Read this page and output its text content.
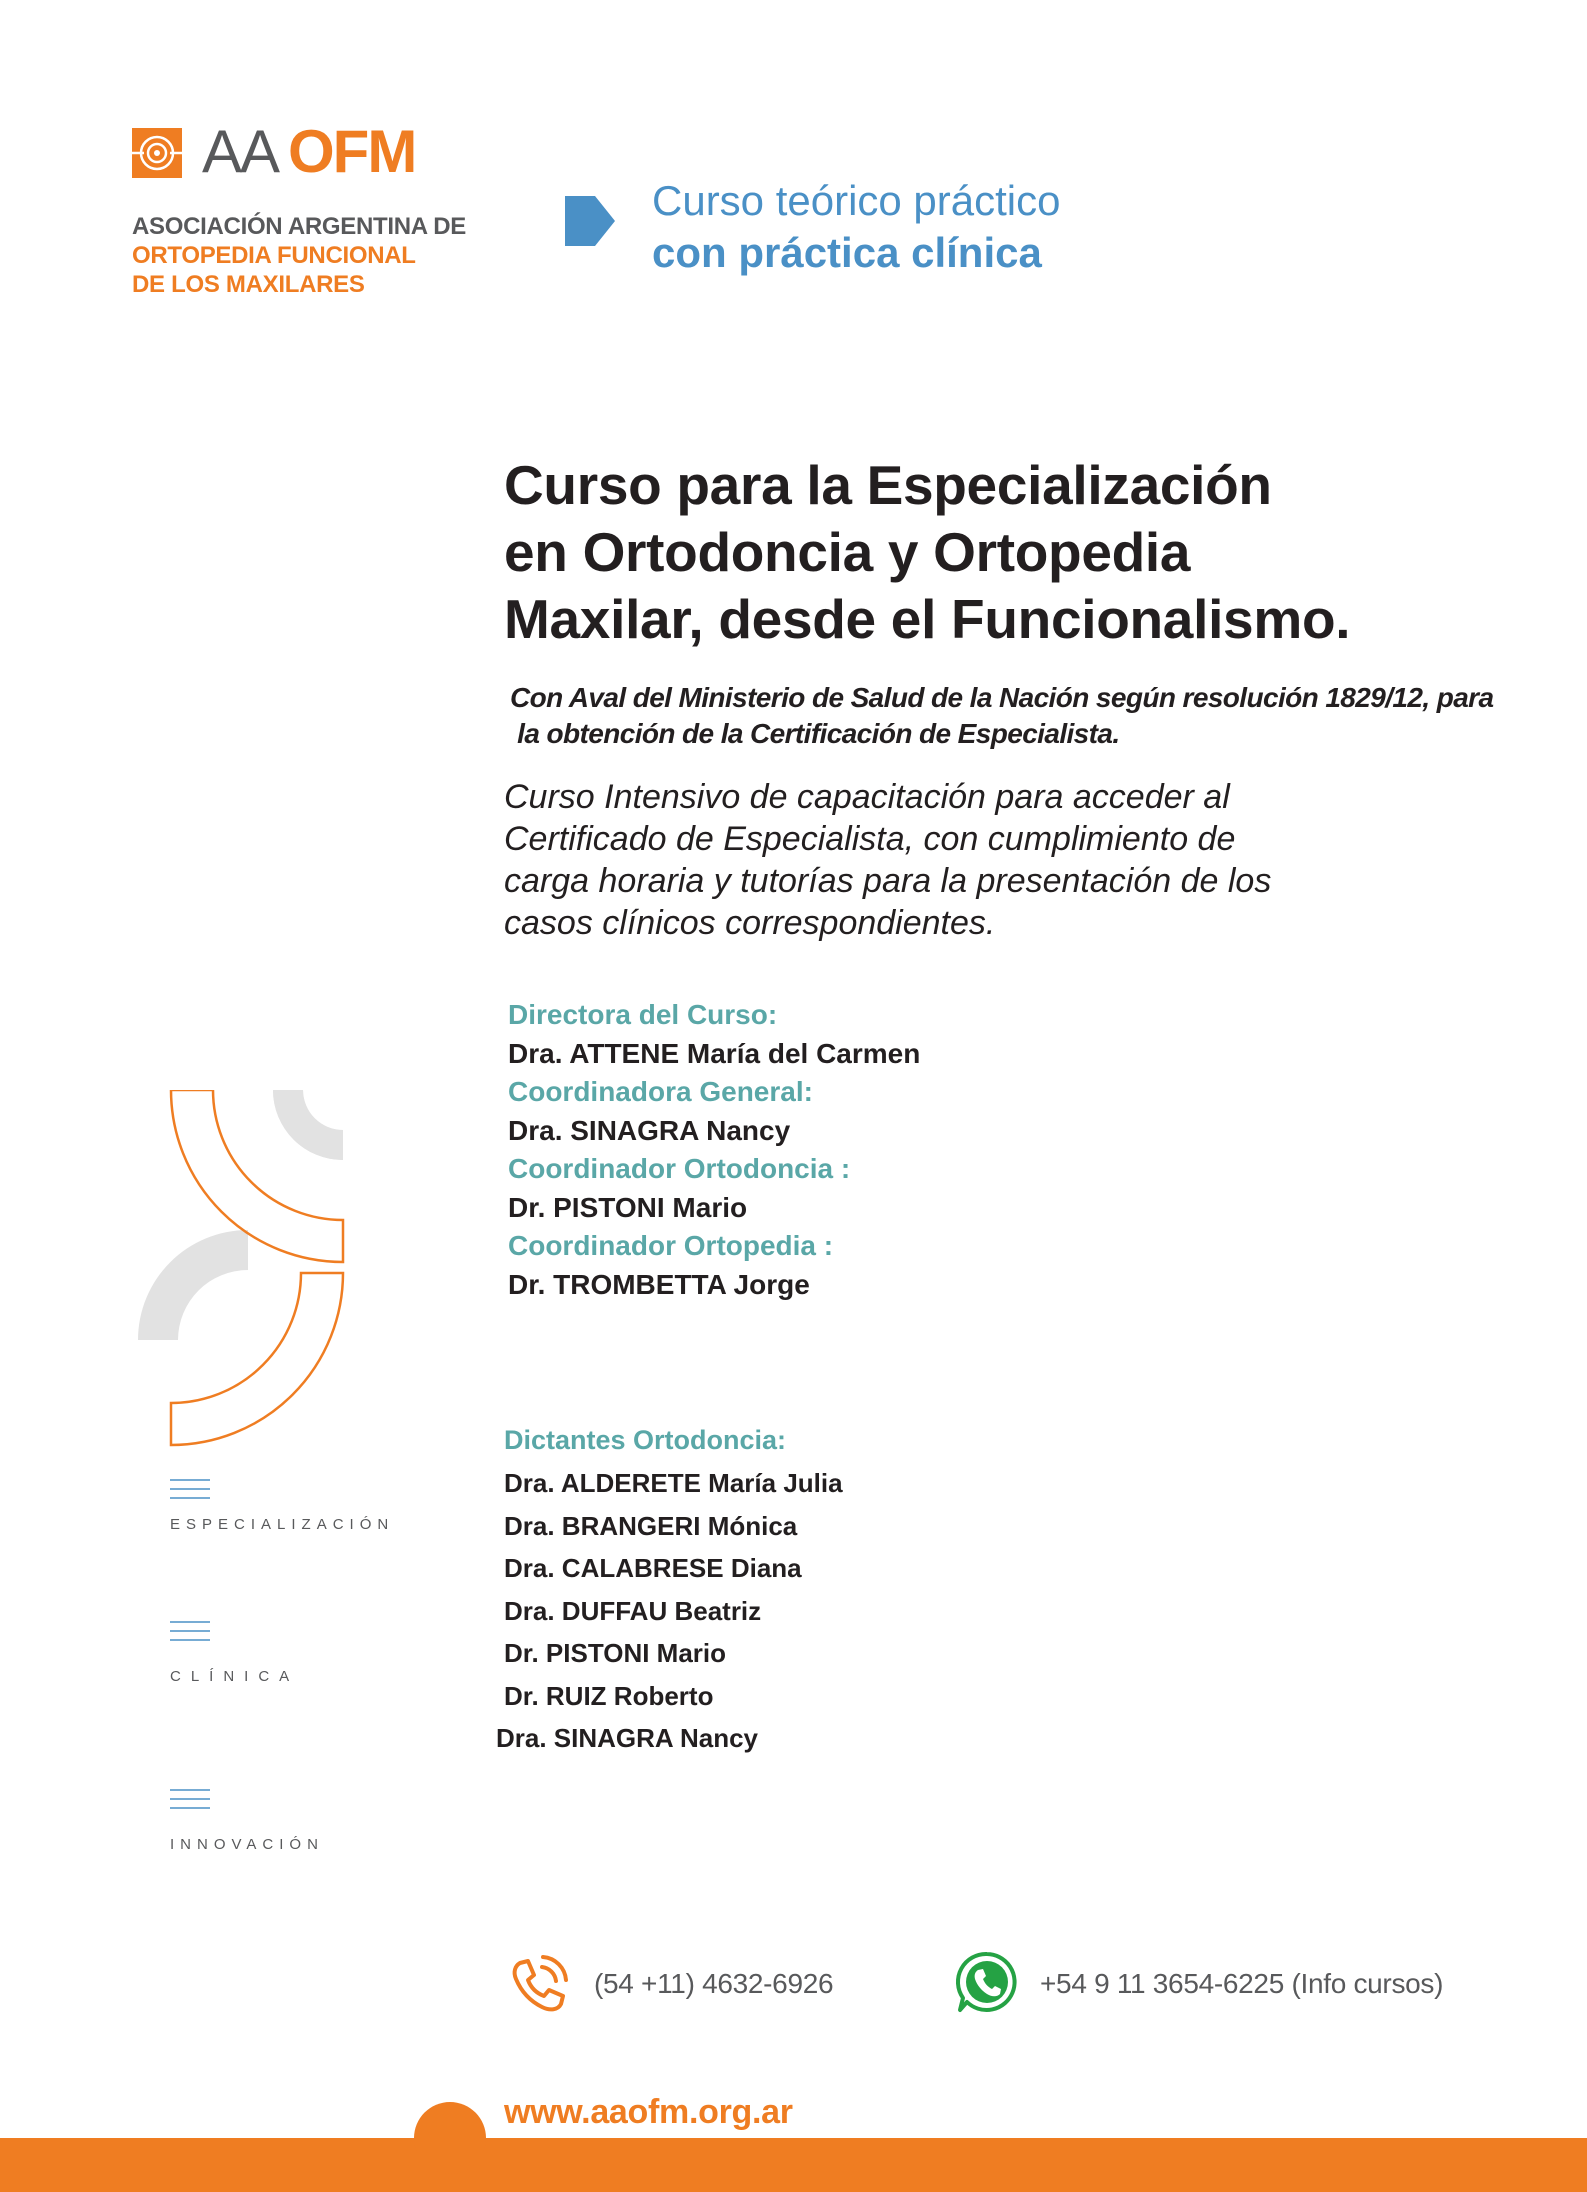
AA OFM
ASOCIACIÓN ARGENTINA DE
ORTOPEDIA FUNCIONAL
DE LOS MAXILARES
Curso teórico práctico
con práctica clínica
Curso para la Especialización
en Ortodoncia y Ortopedia
Maxilar, desde el Funcionalismo.
Con Aval del Ministerio de Salud de la Nación según resolución 1829/12, para
la obtención de la Certificación de Especialista.
Curso Intensivo de capacitación para acceder al
Certificado de Especialista, con cumplimiento de
carga horaria y tutorías para la presentación de los
casos clínicos correspondientes.
Directora del Curso:
Dra. ATTENE María del Carmen
Coordinadora General:
Dra. SINAGRA Nancy
Coordinador Ortodoncia :
Dr. PISTONI Mario
Coordinador Ortopedia :
Dr. TROMBETTA Jorge
Dictantes Ortodoncia:
Dra. ALDERETE María Julia
Dra. BRANGERI Mónica
Dra. CALABRESE Diana
Dra. DUFFAU Beatriz
Dr. PISTONI Mario
Dr. RUIZ Roberto
Dra. SINAGRA Nancy
ESPECIALIZACIÓN
CLÍNICA
INNOVACIÓN
(54 +11) 4632-6926	+54 9 11 3654-6225 (Info cursos)
www.aaofm.org.ar
